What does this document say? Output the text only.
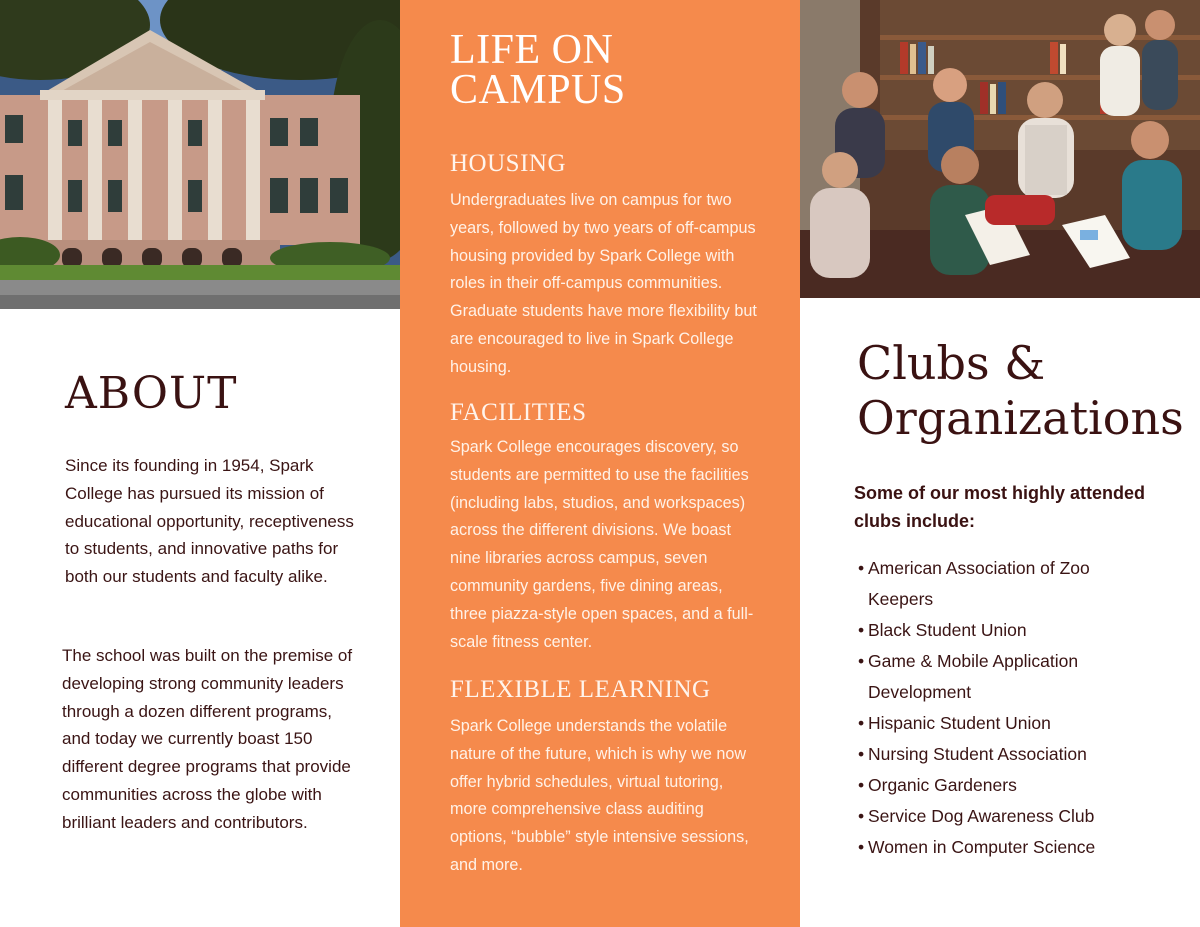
ABOUT

Since its founding in 1954, Spark College has pursued its mission of educational opportunity, receptiveness to students, and innovative paths for both our students and faculty alike.

The school was built on the premise of developing strong community leaders through a dozen different programs, and today we currently boast 150 different degree programs that provide communities across the globe with brilliant leaders and contributors.

LIFE ON
CAMPUS
HOUSING

Undergraduates live on campus for two years, followed by two years of off-campus housing provided by Spark College with roles in their off-campus communities. Graduate students have more flexibility but are encouraged to live in Spark College housing.

FACILITIES

Spark College encourages discovery, so students are permitted to use the facilities (including labs, studios, and workspaces) across the different divisions. We boast nine libraries across campus, seven community gardens, five dining areas, three piazza-style open spaces, and a full-scale fitness center.

FLEXIBLE LEARNING

Spark College understands the volatile nature of the future, which is why we now offer hybrid schedules, virtual tutoring, more comprehensive class auditing options, “bubble” style intensive sessions, and more.

Clubs &
Organizations

Some of our most highly attended clubs include:

• American Association of Zoo Keepers
• Black Student Union
• Game & Mobile Application Development
• Hispanic Student Union
• Nursing Student Association
• Organic Gardeners
• Service Dog Awareness Club
• Women in Computer Science
